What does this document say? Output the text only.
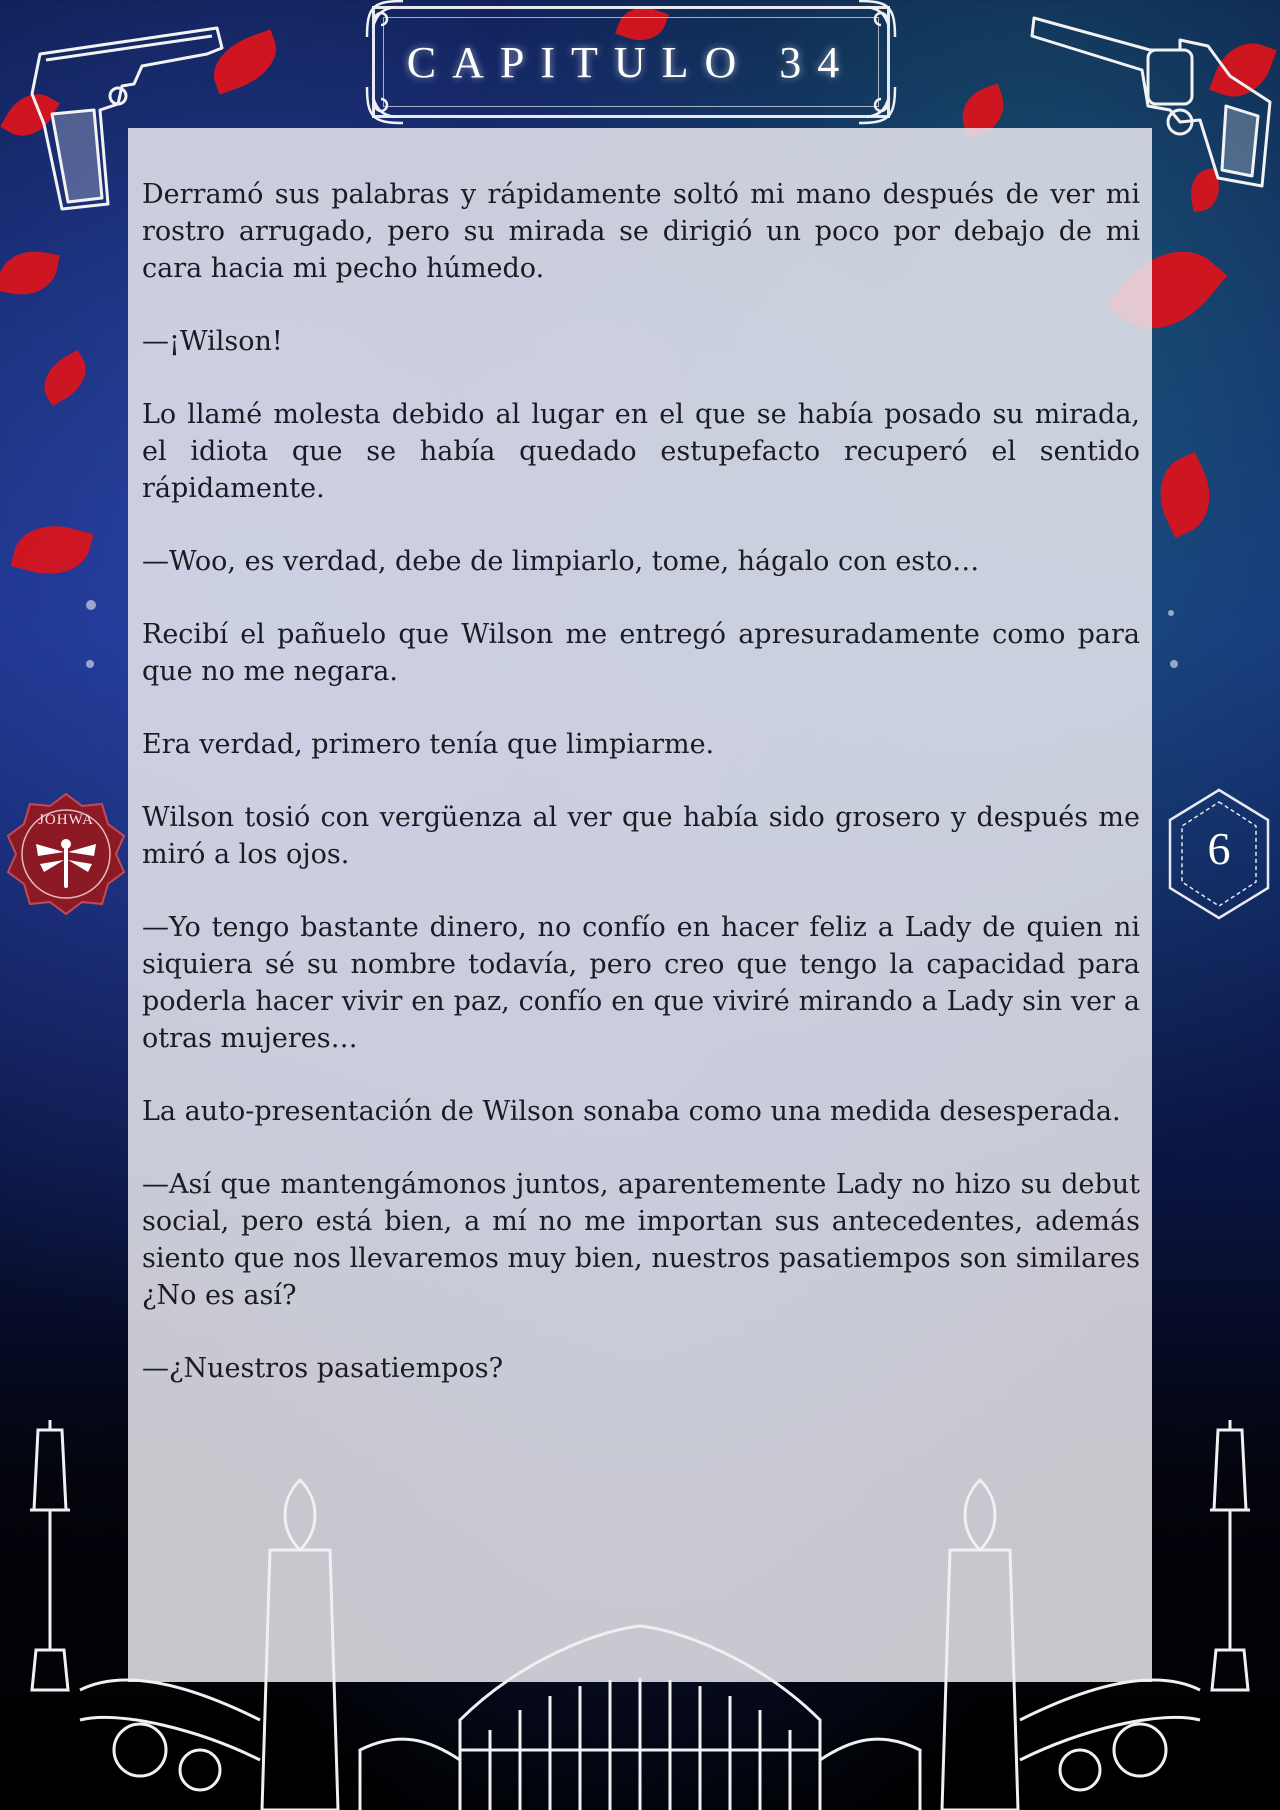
CAPITULO 34

Derramó sus palabras y rápidamente soltó mi mano después de ver mi rostro arrugado, pero su mirada se dirigió un poco por debajo de mi cara hacia mi pecho húmedo.

—¡Wilson!

Lo llamé molesta debido al lugar en el que se había posado su mirada, el idiota que se había quedado estupefacto recuperó el sentido rápidamente.

—Woo, es verdad, debe de limpiarlo, tome, hágalo con esto…

Recibí el pañuelo que Wilson me entregó apresuradamente como para que no me negara.

Era verdad, primero tenía que limpiarme.

Wilson tosió con vergüenza al ver que había sido grosero y después me miró a los ojos.

—Yo tengo bastante dinero, no confío en hacer feliz a Lady de quien ni siquiera sé su nombre todavía, pero creo que tengo la capacidad para poderla hacer vivir en paz, confío en que viviré mirando a Lady sin ver a otras mujeres…

La auto-presentación de Wilson sonaba como una medida desesperada.

—Así que mantengámonos juntos, aparentemente Lady no hizo su debut social, pero está bien, a mí no me importan sus antecedentes, además siento que nos llevaremos muy bien, nuestros pasatiempos son similares ¿No es así?

—¿Nuestros pasatiempos?

JOHWA
6
